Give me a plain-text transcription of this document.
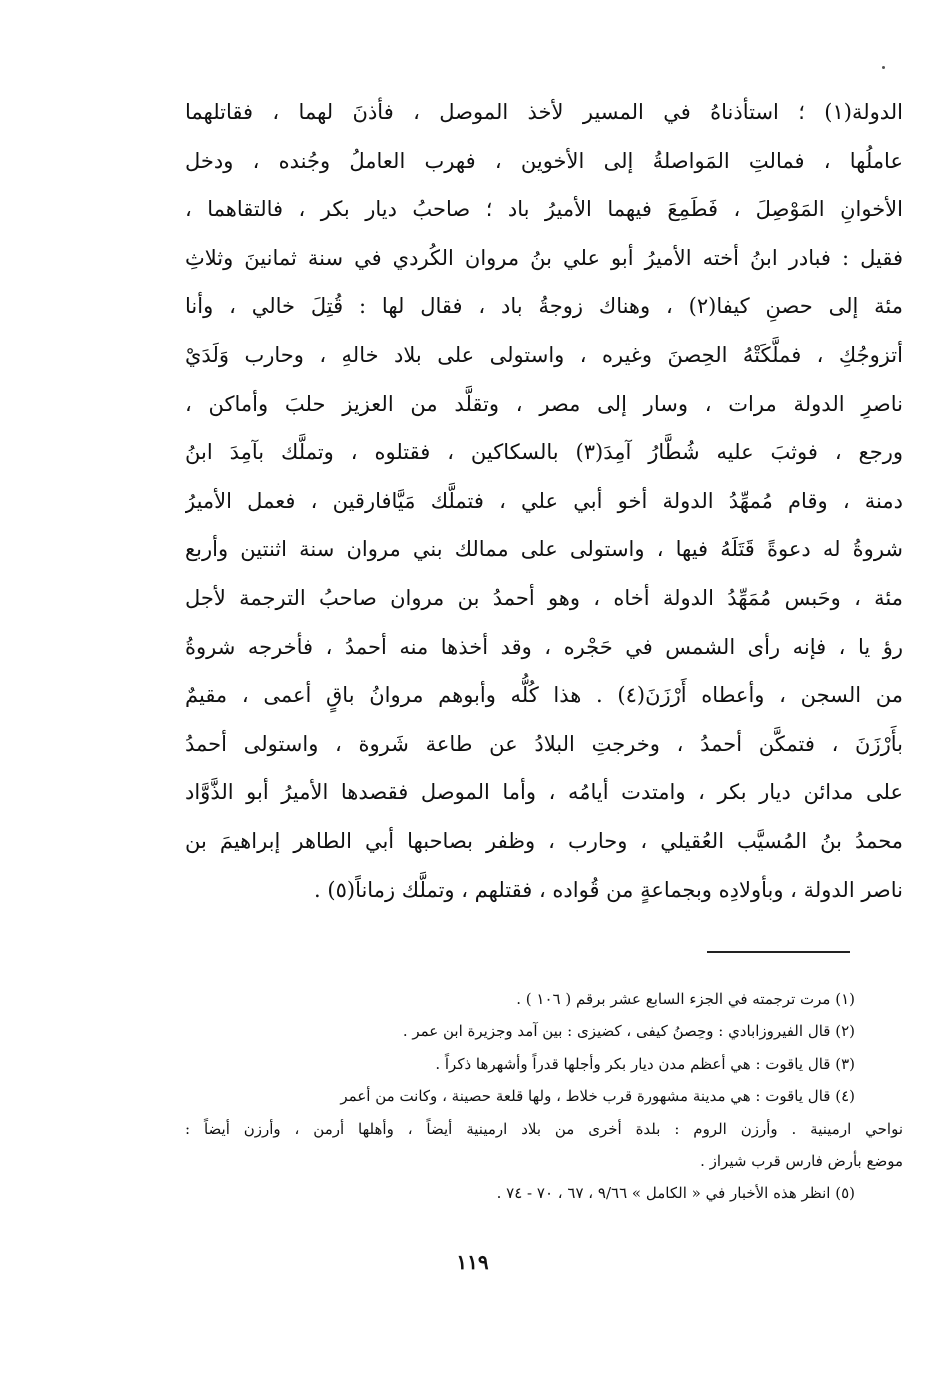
الدولة(١) ؛ استأذناهُ في المسير لأخذ الموصل ، فأذنَ لهما ، فقاتلهما
عاملُها ، فمالتِ المَواصلةُ إلى الأخوين ، فهرب العاملُ وجُنده ، ودخل
الأخوانِ المَوْصِلَ ، فَطَمِعَ فيهما الأميرُ باد ؛ صاحبُ ديار بكر ، فالتقاهما ،
فقيل : فبادر ابنُ أخته الأميرُ أبو علي بنُ مروان الكُردي في سنة ثمانينَ وثلاثِ
مئة إلى حصنِ كيفا(٢) ، وهناك زوجةُ باد ، فقال لها : قُتِلَ خالي ، وأنا
أتزوجُكِ ، فملَّكَتْهُ الحِصنَ وغيره ، واستولى على بلاد خالهِ ، وحارب وَلَدَيْ
ناصرِ الدولة مرات ، وسار إلى مصر ، وتقلَّد من العزيز حلبَ وأماكن ،
ورجع ، فوثبَ عليه شُطَّارُ آمِدَ(٣) بالسكاكين ، فقتلوه ، وتملَّك بآمِدَ ابنُ
دمنة ، وقام مُمهِّدُ الدولة أخو أبي علي ، فتملَّك مَيَّافارقين ، فعمل الأميرُ
شروةُ له دعوةً قَتَلَهُ فيها ، واستولى على ممالك بني مروان سنة اثنتين وأربع
مئة ، وحَبس مُمَهِّدُ الدولة أخاه ، وهو أحمدُ بن مروان صاحبُ الترجمة لأجل
رؤ يا ، فإنه رأى الشمس في حَجْره ، وقد أخذها منه أحمدُ ، فأخرجه شروةُ
من السجن ، وأعطاه أَرْزَنَ(٤) . هذا كُلُّه وأبوهم مروانُ باقٍ أعمى ، مقيمٌ
بأَرْزَنَ ، فتمكَّن أحمدُ ، وخرجتِ البلادُ عن طاعة شَروة ، واستولى أحمدُ
على مدائن ديار بكر ، وامتدت أيامُه ، وأما الموصل فقصدها الأميرُ أبو الذَّوَّاد
محمدُ بنُ المُسيَّب العُقيلي ، وحارب ، وظفر بصاحبها أبي الطاهر إبراهيمَ بن
ناصر الدولة ، وبأولادِه وبجماعةٍ من قُواده ، فقتلهم ، وتملَّك زماناً(٥) .
(١) مرت ترجمته في الجزء السابع عشر برقم ( ١٠٦ ) .
(٢) قال الفيروزابادي : وحِصنُ كيفى ، كضيزى : بين آمد وجزيرة ابن عمر .
(٣) قال ياقوت : هي أعظم مدن ديار بكر وأجلها قدراً وأشهرها ذكراً .
(٤) قال ياقوت : هي مدينة مشهورة قرب خلاط ، ولها قلعة حصينة ، وكانت من أعمر
نواحي ارمينية . وأرزن الروم : بلدة أخرى من بلاد ارمينية أيضاً ، وأهلها أرمن ، وأرزن أيضاً :
موضع بأرض فارس قرب شيراز .
(٥) انظر هذه الأخبار في « الكامل » ٩/٦٦ ، ٦٧ ، ٧٠ - ٧٤ .
١١٩
